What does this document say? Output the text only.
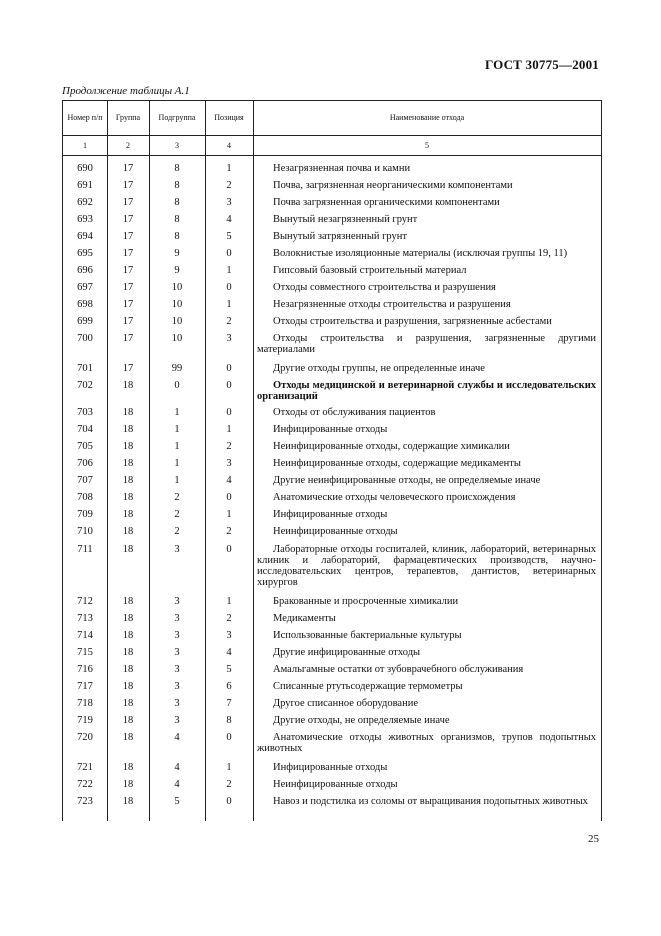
ГОСТ 30775—2001
Продолжение таблицы А.1
Номер п/п	Группа	Подгруппа	Позиция	Наименование отхода
1	2	3	4	5
690	17	8	1	Незагрязненная почва и камни
691	17	8	2	Почва, загрязненная неорганическими компонентами
692	17	8	3	Почва загрязненная органическими компонентами
693	17	8	4	Вынутый незагрязненный грунт
694	17	8	5	Вынутый затрязненный грунт
695	17	9	0	Волокнистые изоляционные материалы (исключая группы 19, 11)
696	17	9	1	Гипсовый базовый строительный материал
697	17	10	0	Отходы совместного строительства и разрушения
698	17	10	1	Незагрязненные отходы строительства и разрушения
699	17	10	2	Отходы строительства и разрушения, загрязненные асбестами
700	17	10	3	Отходы строительства и разрушения, загрязненные другими материалами
701	17	99	0	Другие отходы группы, не определенные иначе
702	18	0	0	Отходы медицинской и ветеринарной службы и исследовательских организаций
703	18	1	0	Отходы от обслуживания пациентов
704	18	1	1	Инфицированные отходы
705	18	1	2	Неинфицированные отходы, содержащие химикалии
706	18	1	3	Неинфицированные отходы, содержащие медикаменты
707	18	1	4	Другие неинфицированные отходы, не определяемые иначе
708	18	2	0	Анатомические отходы человеческого происхождения
709	18	2	1	Инфицированные отходы
710	18	2	2	Неинфицированные отходы
711	18	3	0	Лабораторные отходы госпиталей, клиник, лабораторий, ветеринарных клиник и лабораторий, фармацевтических производств, научно-исследовательских центров, терапевтов, дантистов, ветеринарных хирургов
712	18	3	1	Бракованные и просроченные химикалии
713	18	3	2	Медикаменты
714	18	3	3	Использованные бактериальные культуры
715	18	3	4	Другие инфицированные отходы
716	18	3	5	Амальгамные остатки от зубоврачебного обслуживания
717	18	3	6	Списанные ртутьсодержащие термометры
718	18	3	7	Другое списанное оборудование
719	18	3	8	Другие отходы, не определяемые иначе
720	18	4	0	Анатомические отходы животных организмов, трупов подопытных животных
721	18	4	1	Инфицированные отходы
722	18	4	2	Неинфицированные отходы
723	18	5	0	Навоз и подстилка из соломы от выращивания подопытных животных
25
